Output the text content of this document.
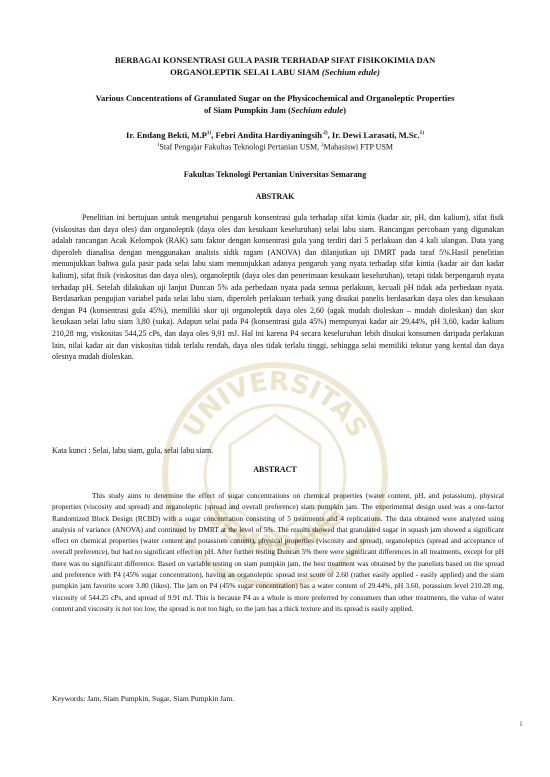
UNIVERSITAS
SEMARANG
BERBAGAI KONSENTRASI GULA PASIR TERHADAP SIFAT FISIKOKIMIA DAN
ORGANOLEPTIK SELAI LABU SIAM (Sechium edule)
Various Concentrations of Granulated Sugar on the Physicochemical and Organoleptic Properties
of Siam Pumpkin Jam (Sechium edule)
Ir. Endang Bekti, $M.P^{1)}$, Febri Andita Hardiyaningsih $^{2)}$, Ir. Dewi Larasati, M.Sc.$^{1)}$
$^1$Staf Pengajar Fakultas Teknologi Pertanian USM, $^2$Mahasiswi FTP USM
Fakultas Teknologi Pertanian Universitas Semarang
ABSTRAK
Penelitian ini bertujuan untuk mengetahui pengaruh konsentrasi gula terhadap sifat kimia (kadar air, pH, dan kalium), sifat fisik (viskositas dan daya oles) dan organoleptik (daya oles dan kesukaan keseluruhan) selai labu siam. Rancangan percobaan yang digunakan adalah rancangan Acak Kelompok (RAK) satu faktor dengan konsentrasi gula yang terdiri dari 5 perlakuan dan 4 kali ulangan. Data yang diperoleh dianalisa dengan menggunakan analisis sidik ragam (ANOVA) dan dilanjutkan uji DMRT pada taraf 5%.Hasil penelitian menunjukkan bahwa gula pasir pada selai labu siam menunjukkan adanya pengaruh yang nyata terhadap sifat kimia (kadar air dan kadar kalium), sifat fisik (viskositas dan daya oles), organoleptik (daya oles dan penerimaan kesukaan keseluruhan), tetapi tidak berpengaruh nyata terhadap pH. Setelah dilakukan uji lanjut Duncan 5% ada perbedaan nyata pada semua perlakuan, kecuali pH tidak ada perbedaan nyata. Berdasarkan pengujian variabel pada selai labu siam, diperoleh perlakuan terbaik yang disukai panelis berdasarkan daya oles dan kesukaan dengan P4 (konsentrasi gula 45%), memiliki skor uji organoleptik daya oles 2,60 (agak mudah dioleskan – mudah dioleskan) dan skor kesukaan selai labu siam 3,80 (suka). Adapun selai pada P4 (konsentrasi gula 45%) mempunyai kadar air 29,44%, pH 3,60, kadar kalium 210,28 mg, viskositas 544,25 cPs, dan daya oles 9,91 mJ. Hal ini karena P4 secara keseluruhan lebih disukai konsumen daripada perlakuan lain, nilai kadar air dan viskositas tidak terlalu rendah, daya oles tidak terlalu tinggi, sehingga selai memiliki tekstur yang kental dan daya olesnya mudah dioleskan.
Kata kunci : Selai, labu siam, gula, selai labu siam.
ABSTRACT
This study aims to determine the effect of sugar concentrations on chemical properties (water content, pH, and potassium), physical properties (viscosity and spread) and organoleptic (spread and overall preference) siam pumpkin jam. The experimental design used was a one-factor Randomized Block Design (RCBD) with a sugar concentration consisting of 5 treatments and 4 replications. The data obtained were analyzed using analysis of variance (ANOVA) and continued by DMRT at the level of 5%. The results showed that granulated sugar in squash jam showed a significant effect on chemical properties (water content and potassium content), physical properties (viscosity and spread), organoleptics (spread and acceptance of overall preference), but had no significant effect on pH. After further testing Duncan 5% there were significant differences in all treatments, except for pH there was no significant difference. Based on variable testing on siam pumpkin jam, the best treatment was obtained by the panelists based on the spread and preference with P4 (45% sugar concentration), having an organoleptic spread test score of 2.60 (rather easily applied - easily applied) and the siam pumpkin jam favorite score 3.80 (likes). The jam on P4 (45% sugar concentration) has a water content of 29.44%, pH 3.60, potassium level 210.28 mg, viscosity of 544.25 cPs, and spread of 9.91 mJ. This is because P4 as a whole is more preferred by consumers than other treatments, the value of water content and viscosity is not too low, the spread is not too high, so the jam has a thick texture and its spread is easily applied.
Keywords: Jam, Siam Pumpkin, Sugar, Siam Pumpkin Jam.
i
